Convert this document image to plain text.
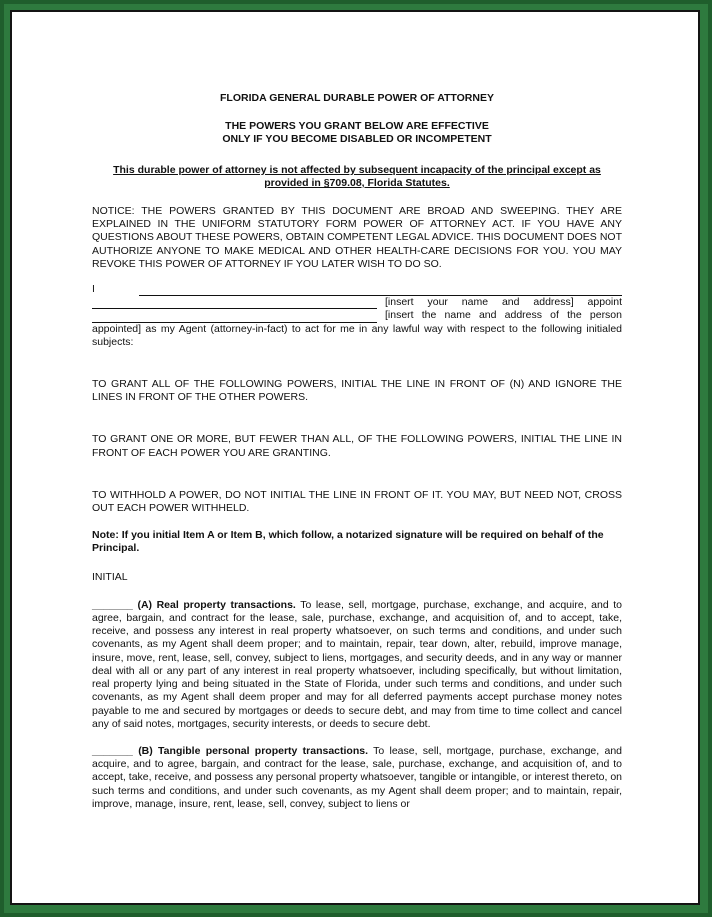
FLORIDA GENERAL DURABLE POWER OF ATTORNEY

THE POWERS YOU GRANT BELOW ARE EFFECTIVE

ONLY IF YOU BECOME DISABLED OR INCOMPETENT

This durable power of attorney is not affected by subsequent incapacity of the principal except as provided in §709.08, Florida Statutes.

NOTICE: THE POWERS GRANTED BY THIS DOCUMENT ARE BROAD AND SWEEPING. THEY ARE EXPLAINED IN THE UNIFORM STATUTORY FORM POWER OF ATTORNEY ACT. IF YOU HAVE ANY QUESTIONS ABOUT THESE POWERS, OBTAIN COMPETENT LEGAL ADVICE. THIS DOCUMENT DOES NOT AUTHORIZE ANYONE TO MAKE MEDICAL AND OTHER HEALTH-CARE DECISIONS FOR YOU. YOU MAY REVOKE THIS POWER OF ATTORNEY IF YOU LATER WISH TO DO SO.

I
[insert your name and address] appoint
[insert the name and address of the person

appointed] as my Agent (attorney-in-fact) to act for me in any lawful way with respect to the following initialed subjects:

TO GRANT ALL OF THE FOLLOWING POWERS, INITIAL THE LINE IN FRONT OF (N) AND IGNORE THE LINES IN FRONT OF THE OTHER POWERS.

TO GRANT ONE OR MORE, BUT FEWER THAN ALL, OF THE FOLLOWING POWERS, INITIAL THE LINE IN FRONT OF EACH POWER YOU ARE GRANTING.

TO WITHHOLD A POWER, DO NOT INITIAL THE LINE IN FRONT OF IT. YOU MAY, BUT NEED NOT, CROSS OUT EACH POWER WITHHELD.

Note: If you initial Item A or Item B, which follow, a notarized signature will be required on behalf of the Principal.

INITIAL

_______ (A) Real property transactions. To lease, sell, mortgage, purchase, exchange, and acquire, and to agree, bargain, and contract for the lease, sale, purchase, exchange, and acquisition of, and to accept, take, receive, and possess any interest in real property whatsoever, on such terms and conditions, and under such covenants, as my Agent shall deem proper; and to maintain, repair, tear down, alter, rebuild, improve manage, insure, move, rent, lease, sell, convey, subject to liens, mortgages, and security deeds, and in any way or manner deal with all or any part of any interest in real property whatsoever, including specifically, but without limitation, real property lying and being situated in the State of Florida, under such terms and conditions, and under such covenants, as my Agent shall deem proper and may for all deferred payments accept purchase money notes payable to me and secured by mortgages or deeds to secure debt, and may from time to time collect and cancel any of said notes, mortgages, security interests, or deeds to secure debt.

_______ (B) Tangible personal property transactions. To lease, sell, mortgage, purchase, exchange, and acquire, and to agree, bargain, and contract for the lease, sale, purchase, exchange, and acquisition of, and to accept, take, receive, and possess any personal property whatsoever, tangible or intangible, or interest thereto, on such terms and conditions, and under such covenants, as my Agent shall deem proper; and to maintain, repair, improve, manage, insure, rent, lease, sell, convey, subject to liens or
